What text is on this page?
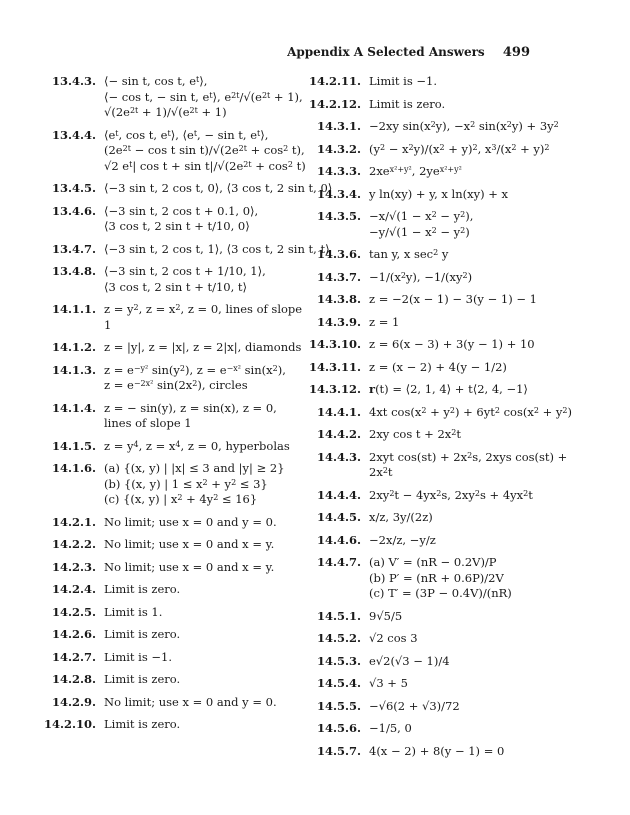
Appendix A Selected Answers 499
13.4.3. ⟨− sin t, cos t, $e^t⟩$,
⟨− cos t, − sin t, $e^t⟩$, $e^{2t}/√(e^{2t} + 1)$,
$√(2e^{2t} + 1)/√(e^{2t} + 1)$
13.4.4. $⟨e^t$, cos t, $e^t⟩$, $⟨e^t$, − sin t, $e^t⟩$,
($2e^{2t} - \cos t$ $\sin t)/√(2e^{2t} + \cos^2 t)$,
√2 $e^t|$ $\cos t + \sin t|/√(2e^{2t} + \cos^2 t)$
13.4.5. ⟨−3 sin t, 2 cos t, 0⟩, ⟨3 cos t, 2 sin t, 0⟩
13.4.6. ⟨−3 sin t, 2 cos t + 0.1, 0⟩,
⟨3 cos t, 2 sin t + t/10, 0⟩
13.4.7. ⟨−3 sin t, 2 cos t, 1⟩, ⟨3 cos t, 2 sin t, t⟩
13.4.8. ⟨−3 sin t, 2 cos t + 1/10, 1⟩,
⟨3 cos t, 2 sin t + t/10, t⟩
14.1.1. $z = y^2$, $z = x^2$, z = 0, lines of slope 1
14.1.2. z = |y|, z = |x|, z = 2|x|, diamonds
14.1.3. $z = e^{-y^2}$ $\sin(y^2)$, $z = e^{-x^2}$ $\sin(x^2)$,
$z = e^{-2x^2}$ $\sin(2x^2)$, circles
14.1.4. z = − sin(y), z = sin(x), z = 0, lines of slope 1
14.1.5. $z = y^4$, $z = x^4$, z = 0, hyperbolas
14.1.6. (a) {(x, y) | |x| ≤ 3 and |y| ≥ 2}
(b) {(x, y) | $1 \le x^2 + y^2 \le 3$}
(c) {(x, y) | $x^2 + 4y^2 \le 16$}
14.2.1. No limit; use x = 0 and y = 0.
14.2.2. No limit; use x = 0 and x = y.
14.2.3. No limit; use x = 0 and x = y.
14.2.4. Limit is zero.
14.2.5. Limit is 1.
14.2.6. Limit is zero.
14.2.7. Limit is −1.
14.2.8. Limit is zero.
14.2.9. No limit; use x = 0 and y = 0.
14.2.10. Limit is zero.
14.2.11. Limit is −1.
14.2.12. Limit is zero.
14.3.1. −2xy $\sin(x^2y)$, $-x^2$ $\sin(x^2y) + 3y^2$
14.3.2. $(y^2 - x^2y)/(x^2 + y)^2$, $x^3/(x^2 + y)^2$
14.3.3. $2xe^{x^2+y^2}$, $2ye^{x^2+y^2}$
14.3.4. y ln(xy) + y, x ln(xy) + x
14.3.5. $-x/√(1 - x^2 - y^2)$,
$-y/√(1 - x^2 - y^2)$
14.3.6. tan y, x $\sec^2 y$
14.3.7. $-1/(x^2y)$, $-1/(xy^2)$
14.3.8. z = −2(x − 1) − 3(y − 1) − 1
14.3.9. z = 1
14.3.10. z = 6(x − 3) + 3(y − 1) + 10
14.3.11. z = (x − 2) + 4(y − 1/2)
14.3.12. r(t) = ⟨2, 1, 4⟩ + t⟨2, 4, −1⟩
14.4.1. 4xt $\cos(x^2 + y^2) + 6yt^2$ $\cos(x^2 + y^2)$
14.4.2. 2xy $\cos t + 2x^2t$
14.4.3. 2xyt $\cos(st) + 2x^2s$, 2xys cos(st) +
$2x^2t$
14.4.4. $2xy^2t - 4yx^2s$, $2xy^2s + 4yx^2t$
14.4.5. x/z, 3y/(2z)
14.4.6. −2x/z, −y/z
14.4.7. (a) V′ = (nR − 0.2V)/P
(b) P′ = (nR + 0.6P)/2V
(c) T′ = (3P − 0.4V)/(nR)
14.5.1. 9√5/5
14.5.2. √2 cos 3
14.5.3. e√2(√3 − 1)/4
14.5.4. √3 + 5
14.5.5. −√6(2 + √3)/72
14.5.6. −1/5, 0
14.5.7. 4(x − 2) + 8(y − 1) = 0
